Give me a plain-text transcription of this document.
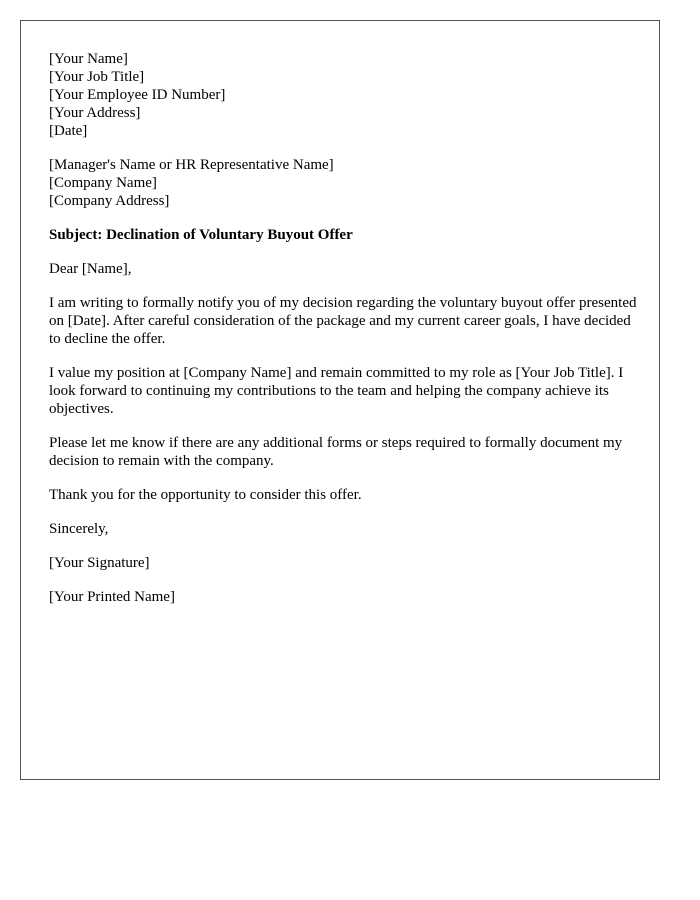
[Your Name]
[Your Job Title]
[Your Employee ID Number]
[Your Address]
[Date]
[Manager's Name or HR Representative Name]
[Company Name]
[Company Address]

Subject: Declination of Voluntary Buyout Offer

Dear [Name],

I am writing to formally notify you of my decision regarding the voluntary buyout offer presented on [Date]. After careful consideration of the package and my current career goals, I have decided to decline the offer.

I value my position at [Company Name] and remain committed to my role as [Your Job Title]. I look forward to continuing my contributions to the team and helping the company achieve its objectives.

Please let me know if there are any additional forms or steps required to formally document my decision to remain with the company.

Thank you for the opportunity to consider this offer.

Sincerely,

[Your Signature]

[Your Printed Name]
